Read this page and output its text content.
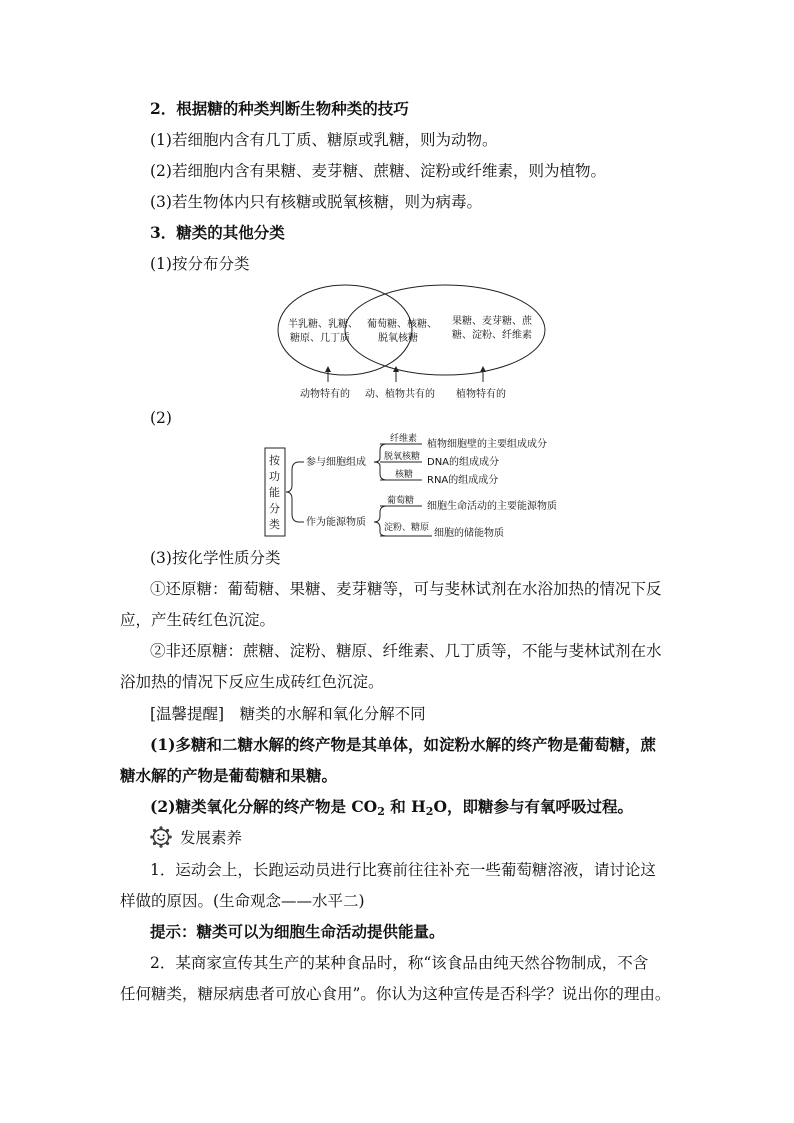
2．根据糖的种类判断生物种类的技巧
(1)若细胞内含有几丁质、糖原或乳糖，则为动物。
(2)若细胞内含有果糖、麦芽糖、蔗糖、淀粉或纤维素，则为植物。
(3)若生物体内只有核糖或脱氧核糖，则为病毒。
3．糖类的其他分类
(1)按分布分类
半乳糖、乳糖、
糖原、几丁质
葡萄糖、核糖、
脱氧核糖
果糖、麦芽糖、蔗
糖、淀粉、纤维素
动物特有的 动、植物共有的 植物特有的
(2)
按
功
能
分
类
参与细胞组成
作为能源物质
纤维素
脱氧核糖
核糖
植物细胞壁的主要组成成分
DNA的组成成分
RNA的组成成分
葡萄糖
淀粉、糖原
细胞生命活动的主要能源物质
细胞的储能物质
(3)按化学性质分类
①还原糖：葡萄糖、果糖、麦芽糖等，可与斐林试剂在水浴加热的情况下反
应，产生砖红色沉淀。
②非还原糖：蔗糖、淀粉、糖原、纤维素、几丁质等，不能与斐林试剂在水
浴加热的情况下反应生成砖红色沉淀。
[温馨提醒]　糖类的水解和氧化分解不同
(1)多糖和二糖水解的终产物是其单体，如淀粉水解的终产物是葡萄糖，蔗
糖水解的产物是葡萄糖和果糖。
(2)糖类氧化分解的终产物是 $CO_2$ 和 $H_2O$，即糖参与有氧呼吸过程。
发展素养
1．运动会上，长跑运动员进行比赛前往往补充一些葡萄糖溶液，请讨论这
样做的原因。(生命观念——水平二)
提示：糖类可以为细胞生命活动提供能量。
2．某商家宣传其生产的某种食品时，称“该食品由纯天然谷物制成，不含
任何糖类，糖尿病患者可放心食用”。你认为这种宣传是否科学？说出你的理由。
